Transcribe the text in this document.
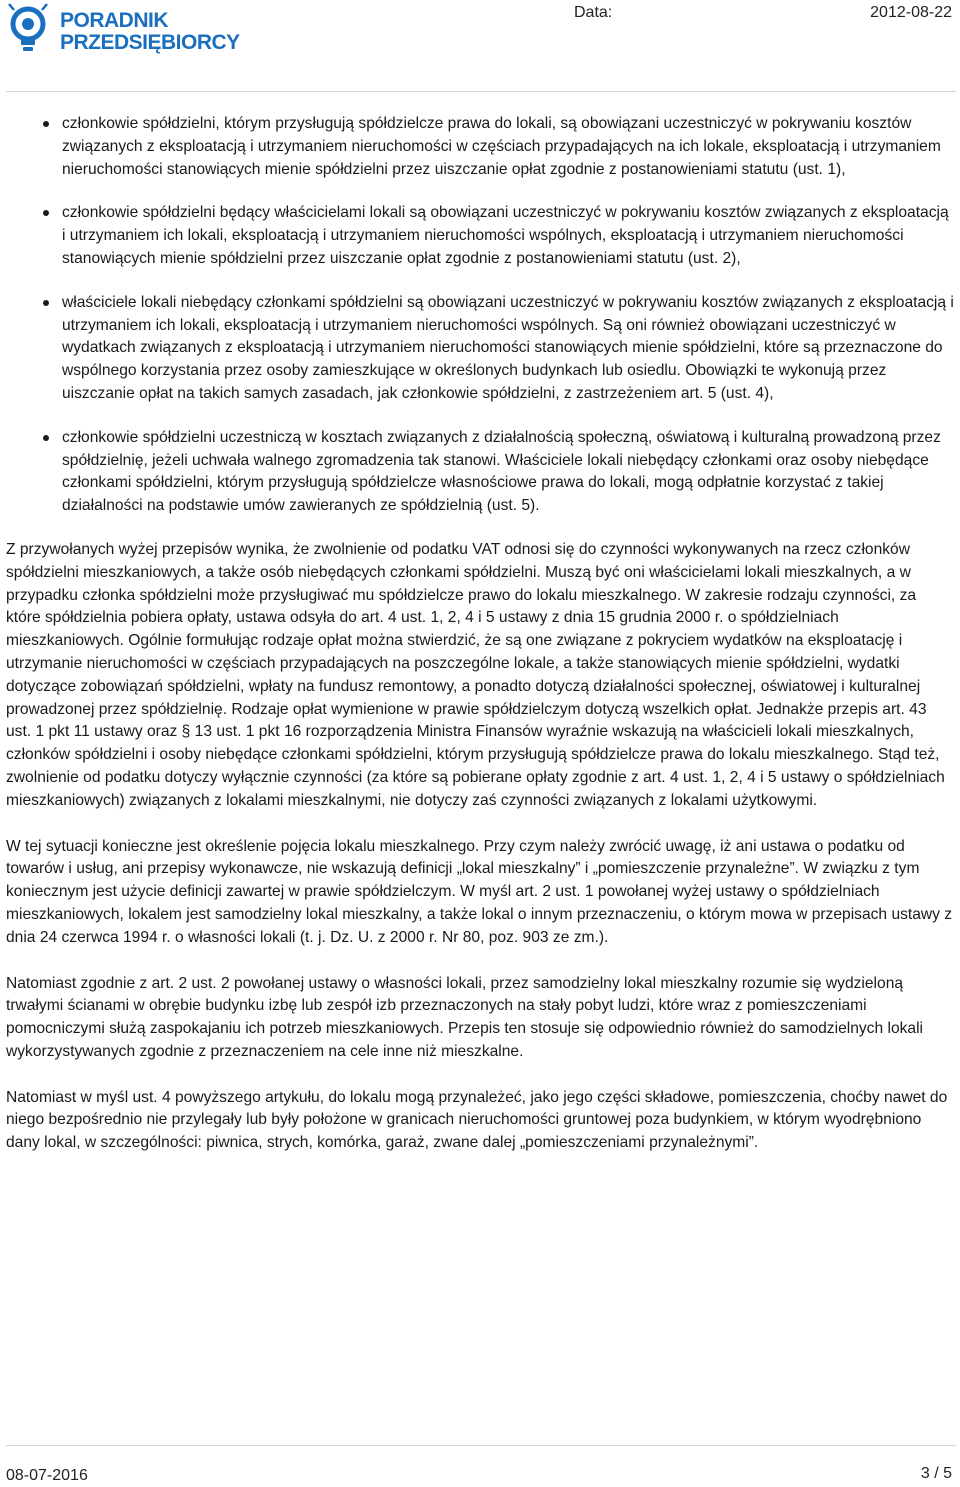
PORADNIK
PRZEDSIĘBIORCY
Data:	2012-08-22
członkowie spółdzielni, którym przysługują spółdzielcze prawa do lokali, są obowiązani uczestniczyć w pokrywaniu kosztów związanych z eksploatacją i utrzymaniem nieruchomości w częściach przypadających na ich lokale, eksploatacją i utrzymaniem nieruchomości stanowiących mienie spółdzielni przez uiszczanie opłat zgodnie z postanowieniami statutu (ust. 1),
członkowie spółdzielni będący właścicielami lokali są obowiązani uczestniczyć w pokrywaniu kosztów związanych z eksploatacją i utrzymaniem ich lokali, eksploatacją i utrzymaniem nieruchomości wspólnych, eksploatacją i utrzymaniem nieruchomości stanowiących mienie spółdzielni przez uiszczanie opłat zgodnie z postanowieniami statutu (ust. 2),
właściciele lokali niebędący członkami spółdzielni są obowiązani uczestniczyć w pokrywaniu kosztów związanych z eksploatacją i utrzymaniem ich lokali, eksploatacją i utrzymaniem nieruchomości wspólnych. Są oni również obowiązani uczestniczyć w wydatkach związanych z eksploatacją i utrzymaniem nieruchomości stanowiących mienie spółdzielni, które są przeznaczone do wspólnego korzystania przez osoby zamieszkujące w określonych budynkach lub osiedlu. Obowiązki te wykonują przez uiszczanie opłat na takich samych zasadach, jak członkowie spółdzielni, z zastrzeżeniem art. 5 (ust. 4),
członkowie spółdzielni uczestniczą w kosztach związanych z działalnością społeczną, oświatową i kulturalną prowadzoną przez spółdzielnię, jeżeli uchwała walnego zgromadzenia tak stanowi. Właściciele lokali niebędący członkami oraz osoby niebędące członkami spółdzielni, którym przysługują spółdzielcze własnościowe prawa do lokali, mogą odpłatnie korzystać z takiej działalności na podstawie umów zawieranych ze spółdzielnią (ust. 5).

Z przywołanych wyżej przepisów wynika, że zwolnienie od podatku VAT odnosi się do czynności wykonywanych na rzecz członków spółdzielni mieszkaniowych, a także osób niebędących członkami spółdzielni. Muszą być oni właścicielami lokali mieszkalnych, a w przypadku członka spółdzielni może przysługiwać mu spółdzielcze prawo do lokalu mieszkalnego. W zakresie rodzaju czynności, za które spółdzielnia pobiera opłaty, ustawa odsyła do art. 4 ust. 1, 2, 4 i 5 ustawy z dnia 15 grudnia 2000 r. o spółdzielniach mieszkaniowych. Ogólnie formułując rodzaje opłat można stwierdzić, że są one związane z pokryciem wydatków na eksploatację i utrzymanie nieruchomości w częściach przypadających na poszczególne lokale, a także stanowiących mienie spółdzielni, wydatki dotyczące zobowiązań spółdzielni, wpłaty na fundusz remontowy, a ponadto dotyczą działalności społecznej, oświatowej i kulturalnej prowadzonej przez spółdzielnię. Rodzaje opłat wymienione w prawie spółdzielczym dotyczą wszelkich opłat. Jednakże przepis art. 43 ust. 1 pkt 11 ustawy oraz § 13 ust. 1 pkt 16 rozporządzenia Ministra Finansów wyraźnie wskazują na właścicieli lokali mieszkalnych, członków spółdzielni i osoby niebędące członkami spółdzielni, którym przysługują spółdzielcze prawa do lokalu mieszkalnego. Stąd też, zwolnienie od podatku dotyczy wyłącznie czynności (za które są pobierane opłaty zgodnie z art. 4 ust. 1, 2, 4 i 5 ustawy o spółdzielniach mieszkaniowych) związanych z lokalami mieszkalnymi, nie dotyczy zaś czynności związanych z lokalami użytkowymi.

W tej sytuacji konieczne jest określenie pojęcia lokalu mieszkalnego. Przy czym należy zwrócić uwagę, iż ani ustawa o podatku od towarów i usług, ani przepisy wykonawcze, nie wskazują definicji „lokal mieszkalny” i „pomieszczenie przynależne”. W związku z tym koniecznym jest użycie definicji zawartej w prawie spółdzielczym. W myśl art. 2 ust. 1 powołanej wyżej ustawy o spółdzielniach mieszkaniowych, lokalem jest samodzielny lokal mieszkalny, a także lokal o innym przeznaczeniu, o którym mowa w przepisach ustawy z dnia 24 czerwca 1994 r. o własności lokali (t. j. Dz. U. z 2000 r. Nr 80, poz. 903 ze zm.).

Natomiast zgodnie z art. 2 ust. 2 powołanej ustawy o własności lokali, przez samodzielny lokal mieszkalny rozumie się wydzieloną trwałymi ścianami w obrębie budynku izbę lub zespół izb przeznaczonych na stały pobyt ludzi, które wraz z pomieszczeniami pomocniczymi służą zaspokajaniu ich potrzeb mieszkaniowych. Przepis ten stosuje się odpowiednio również do samodzielnych lokali wykorzystywanych zgodnie z przeznaczeniem na cele inne niż mieszkalne.

Natomiast w myśl ust. 4 powyższego artykułu, do lokalu mogą przynależeć, jako jego części składowe, pomieszczenia, choćby nawet do niego bezpośrednio nie przylegały lub były położone w granicach nieruchomości gruntowej poza budynkiem, w którym wyodrębniono dany lokal, w szczególności: piwnica, strych, komórka, garaż, zwane dalej „pomieszczeniami przynależnymi”.

08-07-2016	3 / 5
